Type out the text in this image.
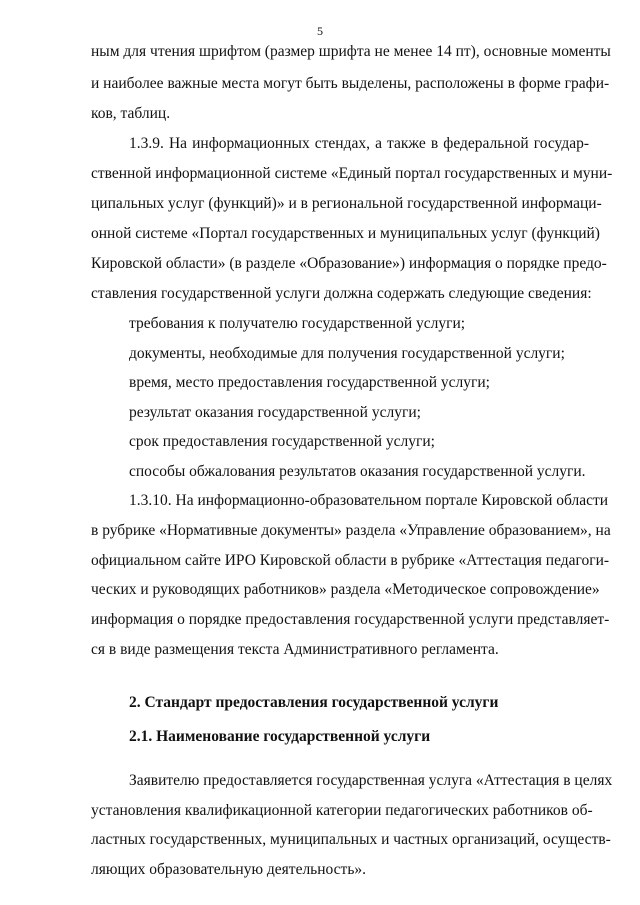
5
ным для чтения шрифтом (размер шрифта не менее 14 пт), основные моменты
и наиболее важные места могут быть выделены, расположены в форме графи-
ков, таблиц.
1.3.9. На информационных стендах, а также в федеральной государ-
ственной информационной системе «Единый портал государственных и муни-
ципальных услуг (функций)» и в региональной государственной информаци-
онной системе «Портал государственных и муниципальных услуг (функций)
Кировской области» (в разделе «Образование») информация о порядке предо-
ставления государственной услуги должна содержать следующие сведения:
требования к получателю государственной услуги;
документы, необходимые для получения государственной услуги;
время, место предоставления государственной услуги;
результат оказания государственной услуги;
срок предоставления государственной услуги;
способы обжалования результатов оказания государственной услуги.
1.3.10. На информационно-образовательном портале Кировской области
в рубрике «Нормативные документы» раздела «Управление образованием», на
официальном сайте ИРО Кировской области в рубрике «Аттестация педагоги-
ческих и руководящих работников» раздела «Методическое сопровождение»
информация о порядке предоставления государственной услуги представляет-
ся в виде размещения текста Административного регламента.
2. Стандарт предоставления государственной услуги
2.1. Наименование государственной услуги
Заявителю предоставляется государственная услуга «Аттестация в целях
установления квалификационной категории педагогических работников об-
ластных государственных, муниципальных и частных организаций, осуществ-
ляющих образовательную деятельность».
